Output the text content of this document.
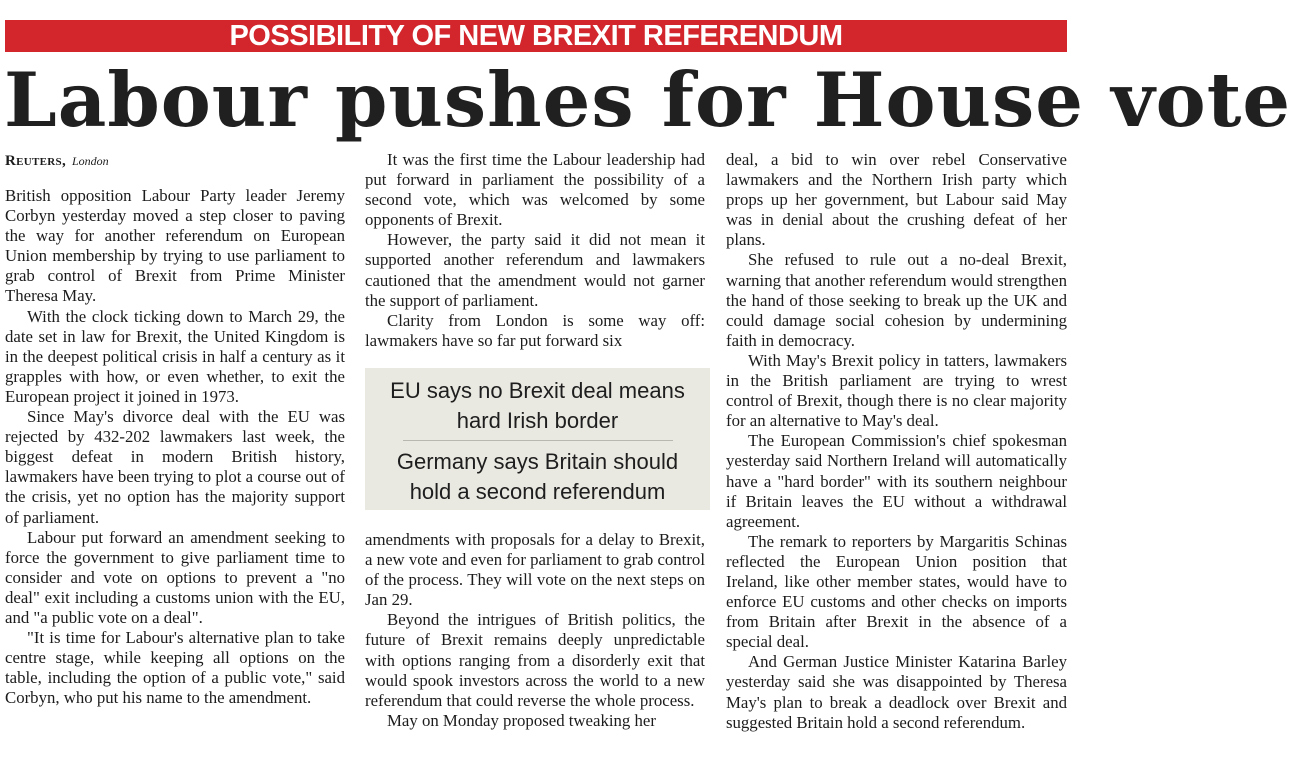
POSSIBILITY OF NEW BREXIT REFERENDUM
Labour pushes for House vote
Reuters, London

British opposition Labour Party leader Jeremy Corbyn yesterday moved a step closer to paving the way for another referendum on European Union membership by trying to use parliament to grab control of Brexit from Prime Minister Theresa May.

With the clock ticking down to March 29, the date set in law for Brexit, the United Kingdom is in the deepest political crisis in half a century as it grapples with how, or even whether, to exit the European project it joined in 1973.

Since May's divorce deal with the EU was rejected by 432-202 lawmakers last week, the biggest defeat in modern British history, lawmakers have been trying to plot a course out of the crisis, yet no option has the majority support of parliament.

Labour put forward an amendment seeking to force the government to give parliament time to consider and vote on options to prevent a "no deal" exit including a customs union with the EU, and "a public vote on a deal".

"It is time for Labour's alternative plan to take centre stage, while keeping all options on the table, including the option of a public vote," said Corbyn, who put his name to the amendment.

It was the first time the Labour leadership had put forward in parliament the possibility of a second vote, which was welcomed by some opponents of Brexit.

However, the party said it did not mean it supported another referendum and lawmakers cautioned that the amendment would not garner the support of parliament.

Clarity from London is some way off: lawmakers have so far put forward six

EU says no Brexit deal means hard Irish border
Germany says Britain should hold a second referendum

amendments with proposals for a delay to Brexit, a new vote and even for parliament to grab control of the process. They will vote on the next steps on Jan 29.

Beyond the intrigues of British politics, the future of Brexit remains deeply unpredictable with options ranging from a disorderly exit that would spook investors across the world to a new referendum that could reverse the whole process.

May on Monday proposed tweaking her

deal, a bid to win over rebel Conservative lawmakers and the Northern Irish party which props up her government, but Labour said May was in denial about the crushing defeat of her plans.

She refused to rule out a no-deal Brexit, warning that another referendum would strengthen the hand of those seeking to break up the UK and could damage social cohesion by undermining faith in democracy.

With May's Brexit policy in tatters, lawmakers in the British parliament are trying to wrest control of Brexit, though there is no clear majority for an alternative to May's deal.

The European Commission's chief spokesman yesterday said Northern Ireland will automatically have a "hard border" with its southern neighbour if Britain leaves the EU without a withdrawal agreement.

The remark to reporters by Margaritis Schinas reflected the European Union position that Ireland, like other member states, would have to enforce EU customs and other checks on imports from Britain after Brexit in the absence of a special deal.

And German Justice Minister Katarina Barley yesterday said she was disappointed by Theresa May's plan to break a deadlock over Brexit and suggested Britain hold a second referendum.
